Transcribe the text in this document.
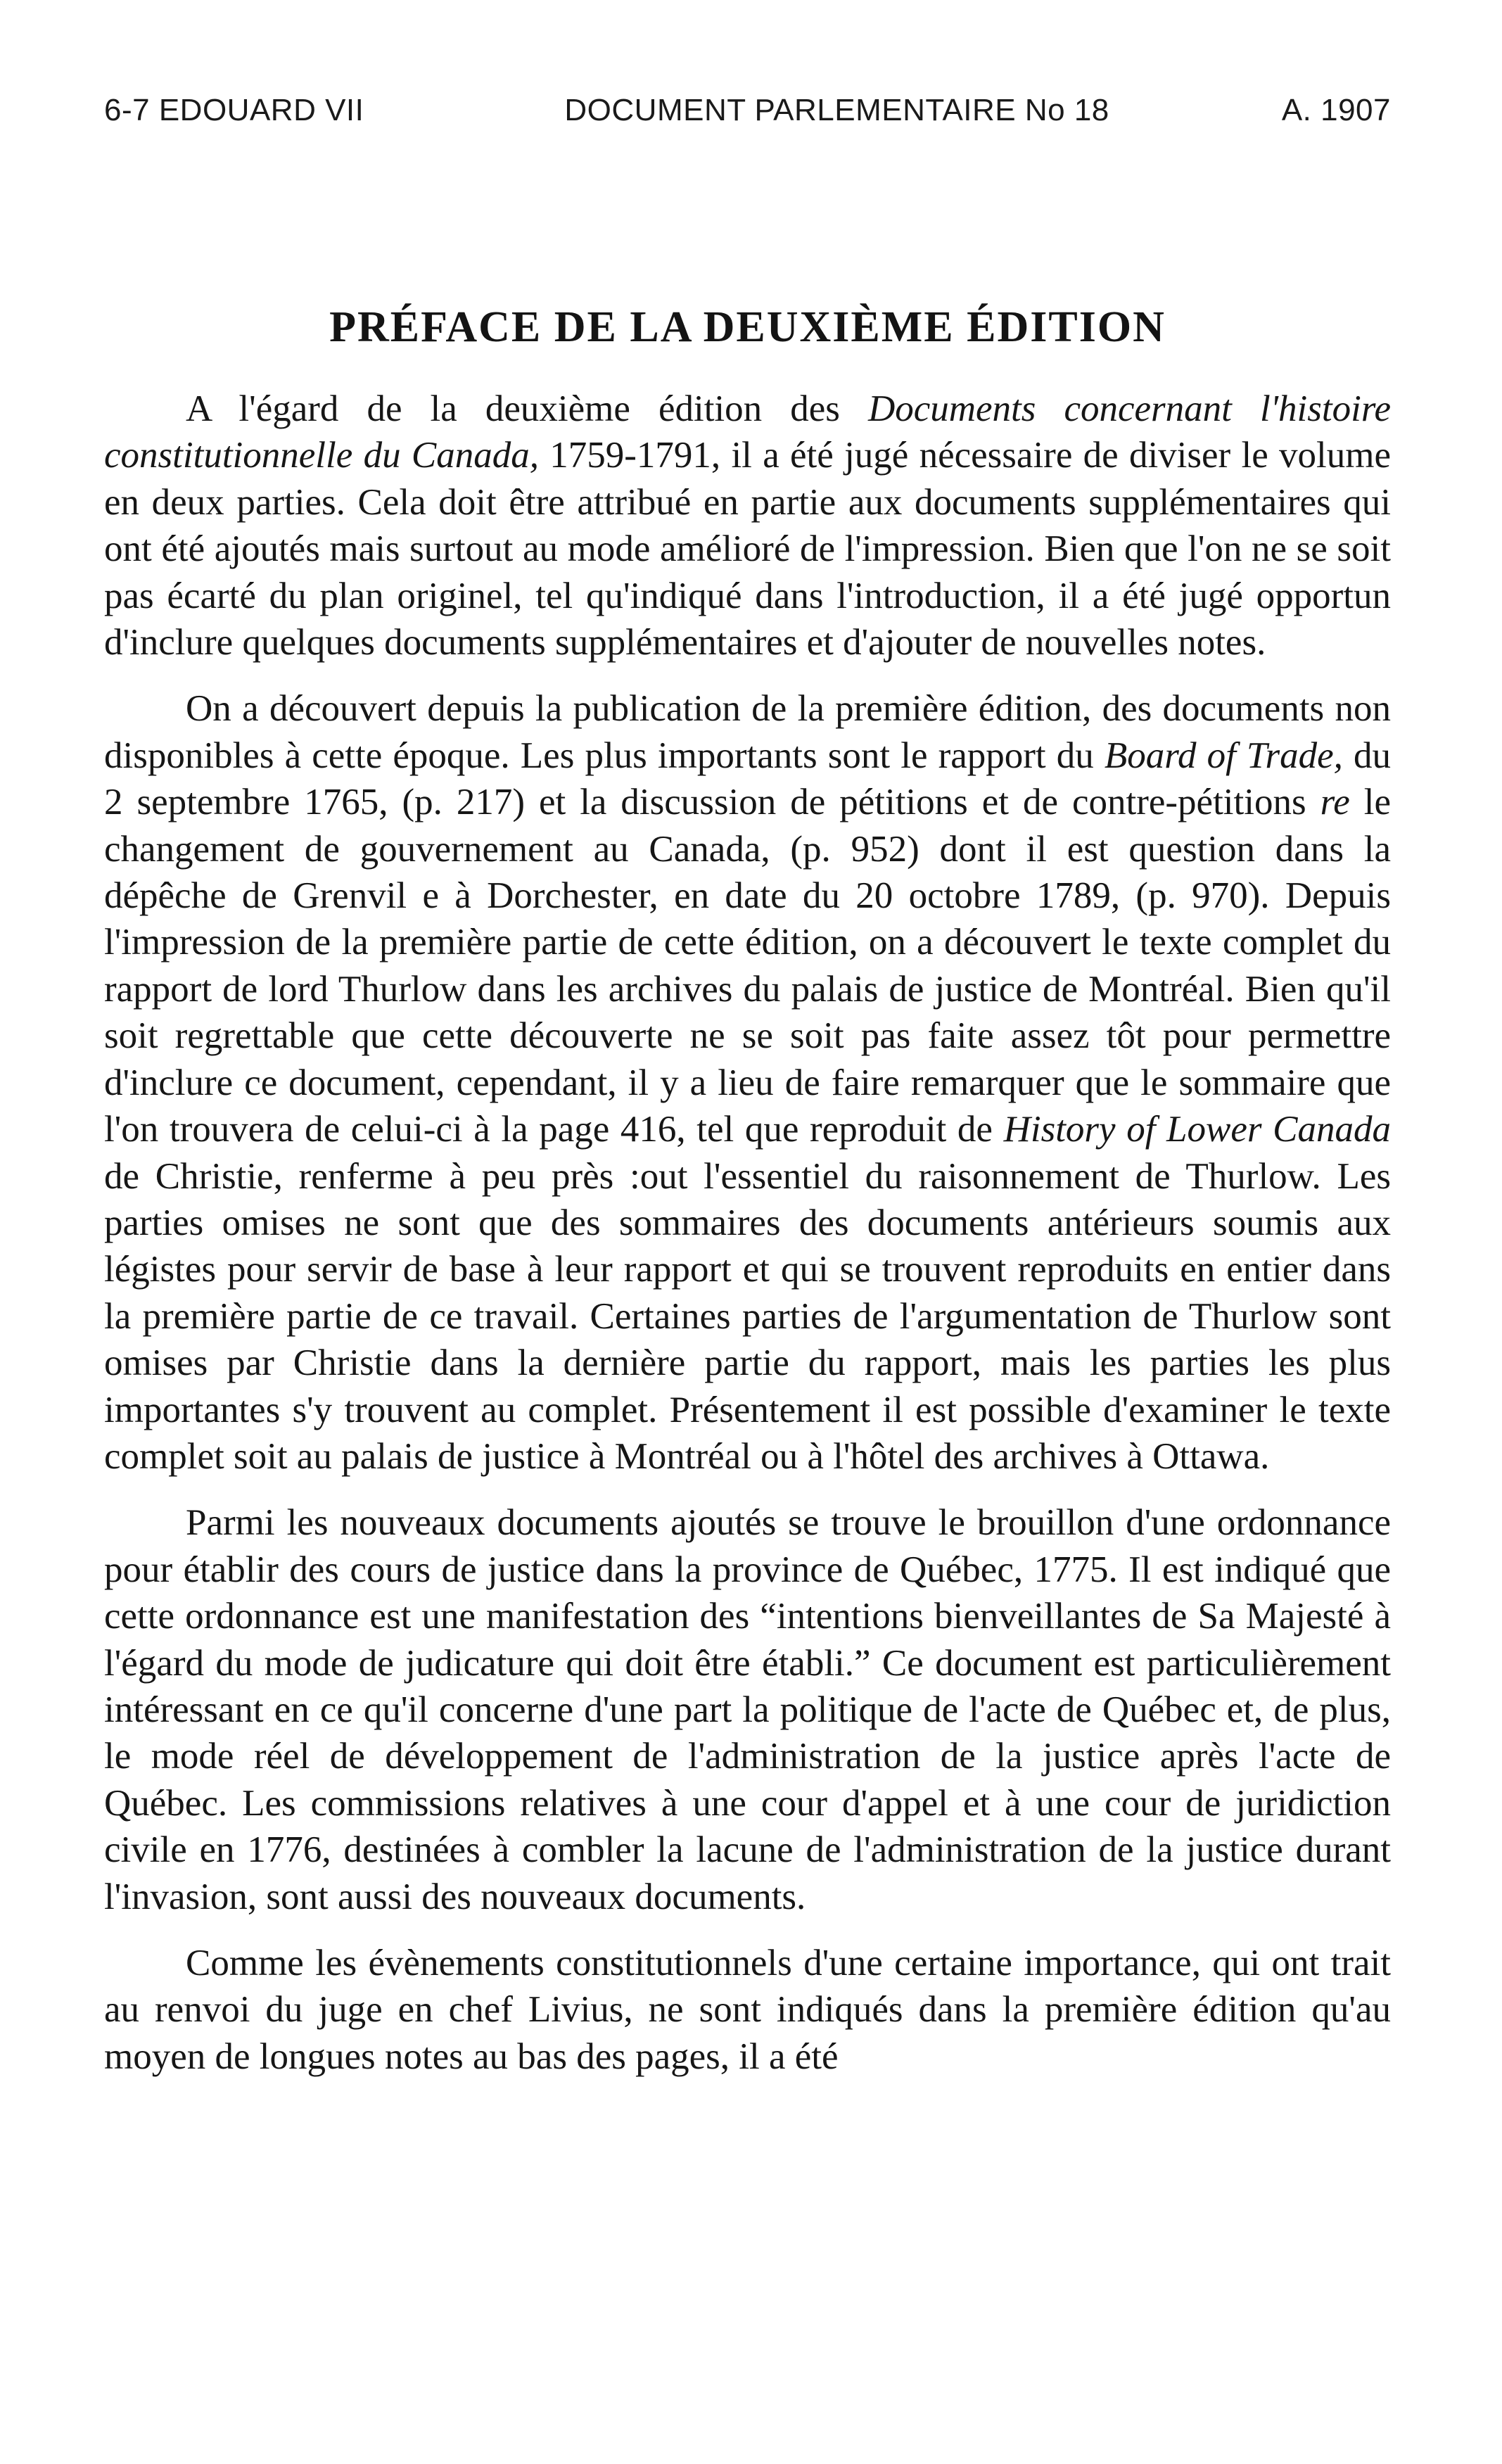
6-7 EDOUARD VII	DOCUMENT PARLEMENTAIRE No 18	A. 1907
PRÉFACE DE LA DEUXIÈME ÉDITION

A l'égard de la deuxième édition des Documents concernant l'histoire constitutionnelle du Canada, 1759-1791, il a été jugé nécessaire de diviser le volume en deux parties. Cela doit être attribué en partie aux documents supplémentaires qui ont été ajoutés mais surtout au mode amélioré de l'impression. Bien que l'on ne se soit pas écarté du plan originel, tel qu'indiqué dans l'introduction, il a été jugé opportun d'inclure quelques documents supplémentaires et d'ajouter de nouvelles notes.

On a découvert depuis la publication de la première édition, des documents non disponibles à cette époque. Les plus importants sont le rapport du Board of Trade, du 2 septembre 1765, (p. 217) et la discussion de pétitions et de contre-pétitions re le changement de gouvernement au Canada, (p. 952) dont il est question dans la dépêche de Grenvil e à Dorchester, en date du 20 octobre 1789, (p. 970). Depuis l'impression de la première partie de cette édition, on a découvert le texte complet du rapport de lord Thurlow dans les archives du palais de justice de Montréal. Bien qu'il soit regrettable que cette découverte ne se soit pas faite assez tôt pour permettre d'inclure ce document, cependant, il y a lieu de faire remarquer que le sommaire que l'on trouvera de celui-ci à la page 416, tel que reproduit de History of Lower Canada de Christie, renferme à peu près :out l'essentiel du raisonnement de Thurlow. Les parties omises ne sont que des sommaires des documents antérieurs soumis aux légistes pour servir de base à leur rapport et qui se trouvent reproduits en entier dans la première partie de ce travail. Certaines parties de l'argumentation de Thurlow sont omises par Christie dans la dernière partie du rapport, mais les parties les plus importantes s'y trouvent au complet. Présentement il est possible d'examiner le texte complet soit au palais de justice à Montréal ou à l'hôtel des archives à Ottawa.

Parmi les nouveaux documents ajoutés se trouve le brouillon d'une ordonnance pour établir des cours de justice dans la province de Québec, 1775. Il est indiqué que cette ordonnance est une manifestation des “intentions bienveillantes de Sa Majesté à l'égard du mode de judicature qui doit être établi.” Ce document est particulièrement intéressant en ce qu'il concerne d'une part la politique de l'acte de Québec et, de plus, le mode réel de développement de l'administration de la justice après l'acte de Québec. Les commissions relatives à une cour d'appel et à une cour de juridiction civile en 1776, destinées à combler la lacune de l'administration de la justice durant l'invasion, sont aussi des nouveaux documents.

Comme les évènements constitutionnels d'une certaine importance, qui ont trait au renvoi du juge en chef Livius, ne sont indiqués dans la première édition qu'au moyen de longues notes au bas des pages, il a été
